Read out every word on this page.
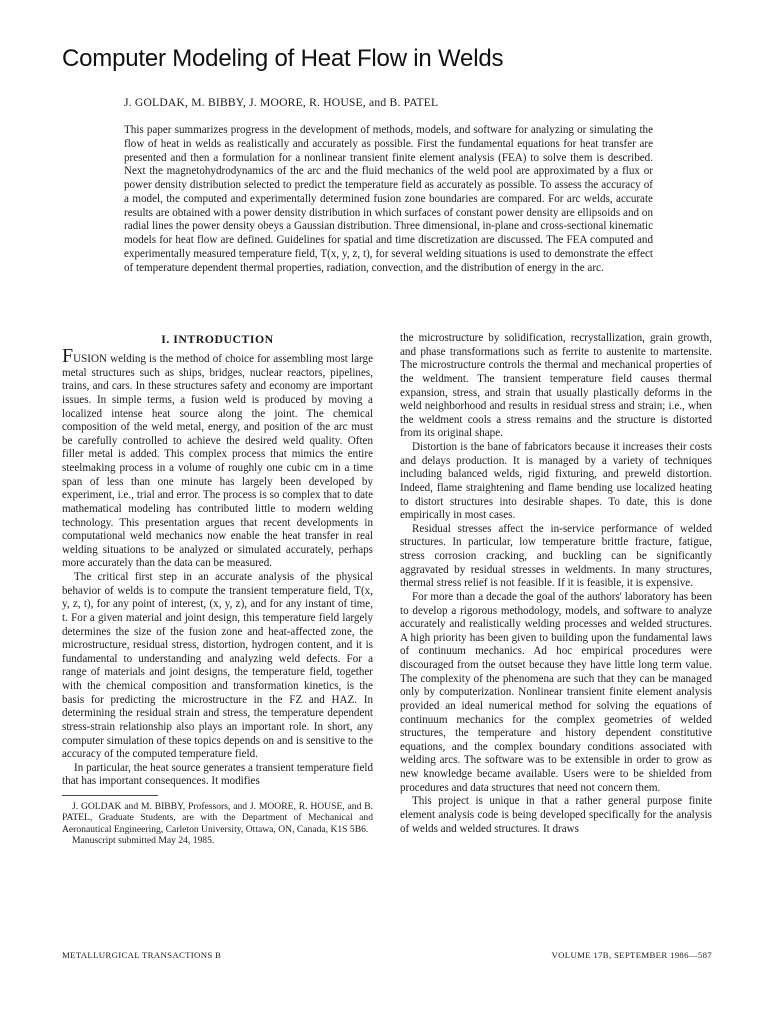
Computer Modeling of Heat Flow in Welds
J. GOLDAK, M. BIBBY, J. MOORE, R. HOUSE, and B. PATEL
This paper summarizes progress in the development of methods, models, and software for analyzing or simulating the flow of heat in welds as realistically and accurately as possible. First the fundamental equations for heat transfer are presented and then a formulation for a nonlinear transient finite element analysis (FEA) to solve them is described. Next the magnetohydrodynamics of the arc and the fluid mechanics of the weld pool are approximated by a flux or power density distribution selected to predict the temperature field as accurately as possible. To assess the accuracy of a model, the computed and experimentally determined fusion zone boundaries are compared. For arc welds, accurate results are obtained with a power density distribution in which surfaces of constant power density are ellipsoids and on radial lines the power density obeys a Gaussian distribution. Three dimensional, in-plane and cross-sectional kinematic models for heat flow are defined. Guidelines for spatial and time discretization are discussed. The FEA computed and experimentally measured temperature field, T(x, y, z, t), for several welding situations is used to demonstrate the effect of temperature dependent thermal properties, radiation, convection, and the distribution of energy in the arc.
I. INTRODUCTION

FUSION welding is the method of choice for assembling most large metal structures such as ships, bridges, nuclear reactors, pipelines, trains, and cars. In these structures safety and economy are important issues. In simple terms, a fusion weld is produced by moving a localized intense heat source along the joint. The chemical composition of the weld metal, energy, and position of the arc must be carefully controlled to achieve the desired weld quality. Often filler metal is added. This complex process that mimics the entire steelmaking process in a volume of roughly one cubic cm in a time span of less than one minute has largely been developed by experiment, i.e., trial and error. The process is so complex that to date mathematical modeling has contributed little to modern welding technology. This presentation argues that recent developments in computational weld mechanics now enable the heat transfer in real welding situations to be analyzed or simulated accurately, perhaps more accurately than the data can be measured.

The critical first step in an accurate analysis of the physical behavior of welds is to compute the transient temperature field, T(x, y, z, t), for any point of interest, (x, y, z), and for any instant of time, t. For a given material and joint design, this temperature field largely determines the size of the fusion zone and heat-affected zone, the microstructure, residual stress, distortion, hydrogen content, and it is fundamental to understanding and analyzing weld defects. For a range of materials and joint designs, the temperature field, together with the chemical composition and transformation kinetics, is the basis for predicting the microstructure in the FZ and HAZ. In determining the residual strain and stress, the temperature dependent stress-strain relationship also plays an important role. In short, any computer simulation of these topics depends on and is sensitive to the accuracy of the computed temperature field.

In particular, the heat source generates a transient temperature field that has important consequences. It modifies

J. GOLDAK and M. BIBBY, Professors, and J. MOORE, R. HOUSE, and B. PATEL, Graduate Students, are with the Department of Mechanical and Aeronautical Engineering, Carleton University, Ottawa, ON, Canada, K1S 5B6.
Manuscript submitted May 24, 1985.

the microstructure by solidification, recrystallization, grain growth, and phase transformations such as ferrite to austenite to martensite. The microstructure controls the thermal and mechanical properties of the weldment. The transient temperature field causes thermal expansion, stress, and strain that usually plastically deforms in the weld neighborhood and results in residual stress and strain; i.e., when the weldment cools a stress remains and the structure is distorted from its original shape.

Distortion is the bane of fabricators because it increases their costs and delays production. It is managed by a variety of techniques including balanced welds, rigid fixturing, and preweld distortion. Indeed, flame straightening and flame bending use localized heating to distort structures into desirable shapes. To date, this is done empirically in most cases.

Residual stresses affect the in-service performance of welded structures. In particular, low temperature brittle fracture, fatigue, stress corrosion cracking, and buckling can be significantly aggravated by residual stresses in weldments. In many structures, thermal stress relief is not feasible. If it is feasible, it is expensive.

For more than a decade the goal of the authors' laboratory has been to develop a rigorous methodology, models, and software to analyze accurately and realistically welding processes and welded structures. A high priority has been given to building upon the fundamental laws of continuum mechanics. Ad hoc empirical procedures were discouraged from the outset because they have little long term value. The complexity of the phenomena are such that they can be managed only by computerization. Nonlinear transient finite element analysis provided an ideal numerical method for solving the equations of continuum mechanics for the complex geometries of welded structures, the temperature and history dependent constitutive equations, and the complex boundary conditions associated with welding arcs. The software was to be extensible in order to grow as new knowledge became available. Users were to be shielded from procedures and data structures that need not concern them.

This project is unique in that a rather general purpose finite element analysis code is being developed specifically for the analysis of welds and welded structures. It draws

METALLURGICAL TRANSACTIONS B	VOLUME 17B, SEPTEMBER 1986—587
